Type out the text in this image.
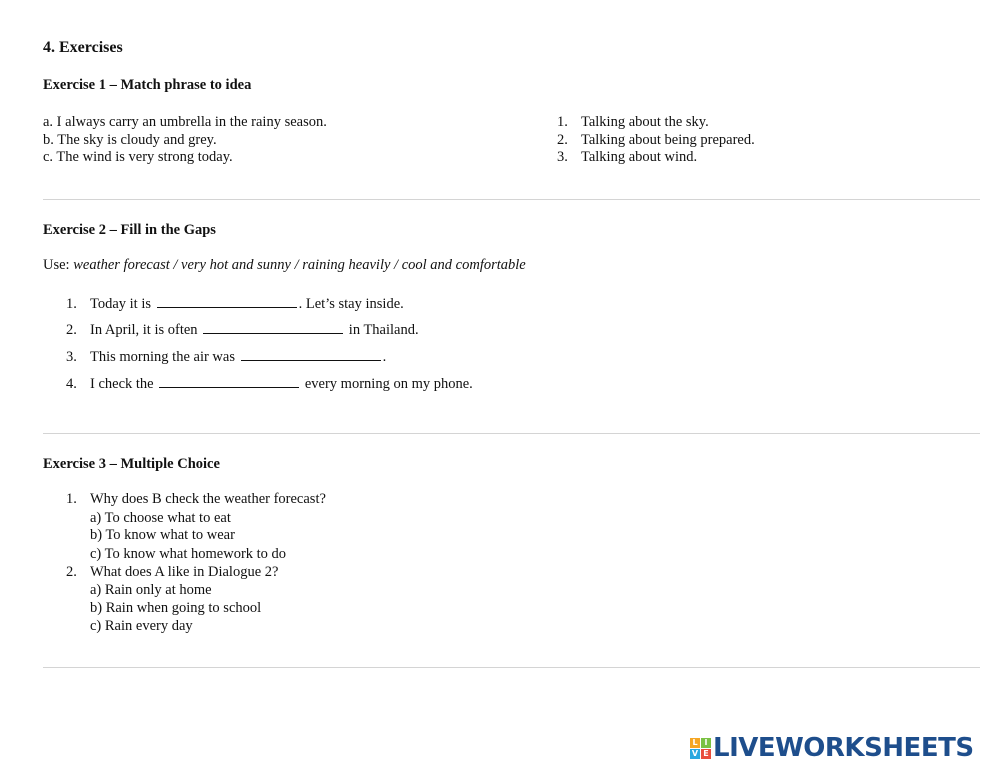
4. Exercises
Exercise 1 – Match phrase to idea
a. I always carry an umbrella in the rainy season.
b. The sky is cloudy and grey.
c. The wind is very strong today.
1. Talking about the sky.
2. Talking about being prepared.
3. Talking about wind.
Exercise 2 – Fill in the Gaps
Use: weather forecast / very hot and sunny / raining heavily / cool and comfortable
1. Today it is	. Let’s stay inside.
2. In April, it is often	in Thailand.
3. This morning the air was	.
4. I check the	every morning on my phone.
Exercise 3 – Multiple Choice
1. Why does B check the weather forecast?
a) To choose what to eat
b) To know what to wear
c) To know what homework to do
2. What does A like in Dialogue 2?
a) Rain only at home
b) Rain when going to school
c) Rain every day
L I
V E LIVEWORKSHEETS
